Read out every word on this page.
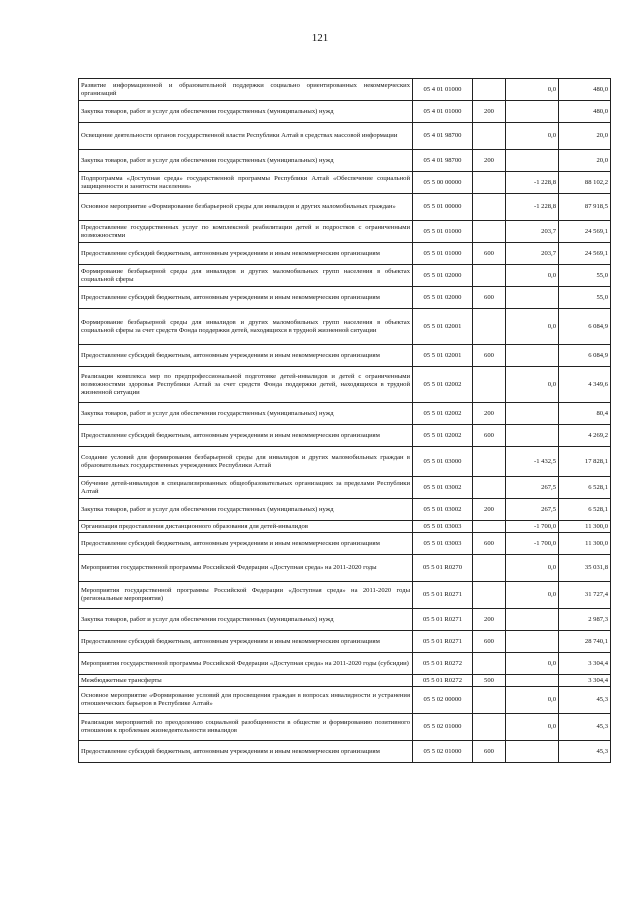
121
Развитие информационной и образовательной поддержки социально ориентированных некоммерческих организаций	05 4 01 01000		0,0	480,0
Закупка товаров, работ и услуг для обеспечения государственных (муниципальных) нужд	05 4 01 01000	200		480,0
Освещение деятельности органов государственной власти Республики Алтай в средствах массовой информации	05 4 01 98700		0,0	20,0
Закупка товаров, работ и услуг для обеспечения государственных (муниципальных) нужд	05 4 01 98700	200		20,0
Подпрограмма «Доступная среда» государственной программы Республики Алтай «Обеспечение социальной защищенности и занятости населения»	05 5 00 00000		-1 228,8	88 102,2
Основное мероприятие «Формирование безбарьерной среды для инвалидов и других маломобильных граждан»	05 5 01 00000		-1 228,8	87 918,5
Предоставление государственных услуг по комплексной реабилитации детей и подростков с ограниченными возможностями	05 5 01 01000		203,7	24 569,1
Предоставление субсидий бюджетным, автономным учреждениям и иным некоммерческим организациям	05 5 01 01000	600	203,7	24 569,1
Формирование безбарьерной среды для инвалидов и других маломобильных групп населения в объектах социальной сферы	05 5 01 02000		0,0	55,0
Предоставление субсидий бюджетным, автономным учреждениям и иным некоммерческим организациям	05 5 01 02000	600		55,0
Формирование безбарьерной среды для инвалидов и других маломобильных групп населения в объектах социальной сферы за счет средств Фонда поддержки детей, находящихся в трудной жизненной ситуации	05 5 01 02001		0,0	6 084,9
Предоставление субсидий бюджетным, автономным учреждениям и иным некоммерческим организациям	05 5 01 02001	600		6 084,9
Реализация комплекса мер по предпрофессиональной подготовке детей-инвалидов и детей с ограниченными возможностями здоровья Республики Алтай за счет средств Фонда поддержки детей, находящихся в трудной жизненной ситуации	05 5 01 02002		0,0	4 349,6
Закупка товаров, работ и услуг для обеспечения государственных (муниципальных) нужд	05 5 01 02002	200		80,4
Предоставление субсидий бюджетным, автономным учреждениям и иным некоммерческим организациям	05 5 01 02002	600		4 269,2
Создание условий для формирования безбарьерной среды для инвалидов и других маломобильных граждан в образовательных государственных учреждениях Республики Алтай	05 5 01 03000		-1 432,5	17 828,1
Обучение детей-инвалидов в специализированных общеобразовательных организациях за пределами Республики Алтай	05 5 01 03002		267,5	6 528,1
Закупка товаров, работ и услуг для обеспечения государственных (муниципальных) нужд	05 5 01 03002	200	267,5	6 528,1
Организация предоставления дистанционного образования для детей-инвалидов	05 5 01 03003		-1 700,0	11 300,0
Предоставление субсидий бюджетным, автономным учреждениям и иным некоммерческим организациям	05 5 01 03003	600	-1 700,0	11 300,0
Мероприятия государственной программы Российской Федерации «Доступная среда» на 2011-2020 годы	05 5 01 R0270		0,0	35 031,8
Мероприятия государственной программы Российской Федерации «Доступная среда» на 2011-2020 годы (региональные мероприятия)	05 5 01 R0271		0,0	31 727,4
Закупка товаров, работ и услуг для обеспечения государственных (муниципальных) нужд	05 5 01 R0271	200		2 987,3
Предоставление субсидий бюджетным, автономным учреждениям и иным некоммерческим организациям	05 5 01 R0271	600		28 740,1
Мероприятия государственной программы Российской Федерации «Доступная среда» на 2011-2020 годы (субсидии)	05 5 01 R0272		0,0	3 304,4
Межбюджетные трансферты	05 5 01 R0272	500		3 304,4
Основное мероприятие «Формирование условий для просвещения граждан в вопросах инвалидности и устранения отношенческих барьеров в Республике Алтай»	05 5 02 00000		0,0	45,3
Реализация мероприятий по преодолению социальной разобщенности в обществе и формированию позитивного отношения к проблемам жизнедеятельности инвалидов	05 5 02 01000		0,0	45,3
Предоставление субсидий бюджетным, автономным учреждениям и иным некоммерческим организациям	05 5 02 01000	600		45,3
